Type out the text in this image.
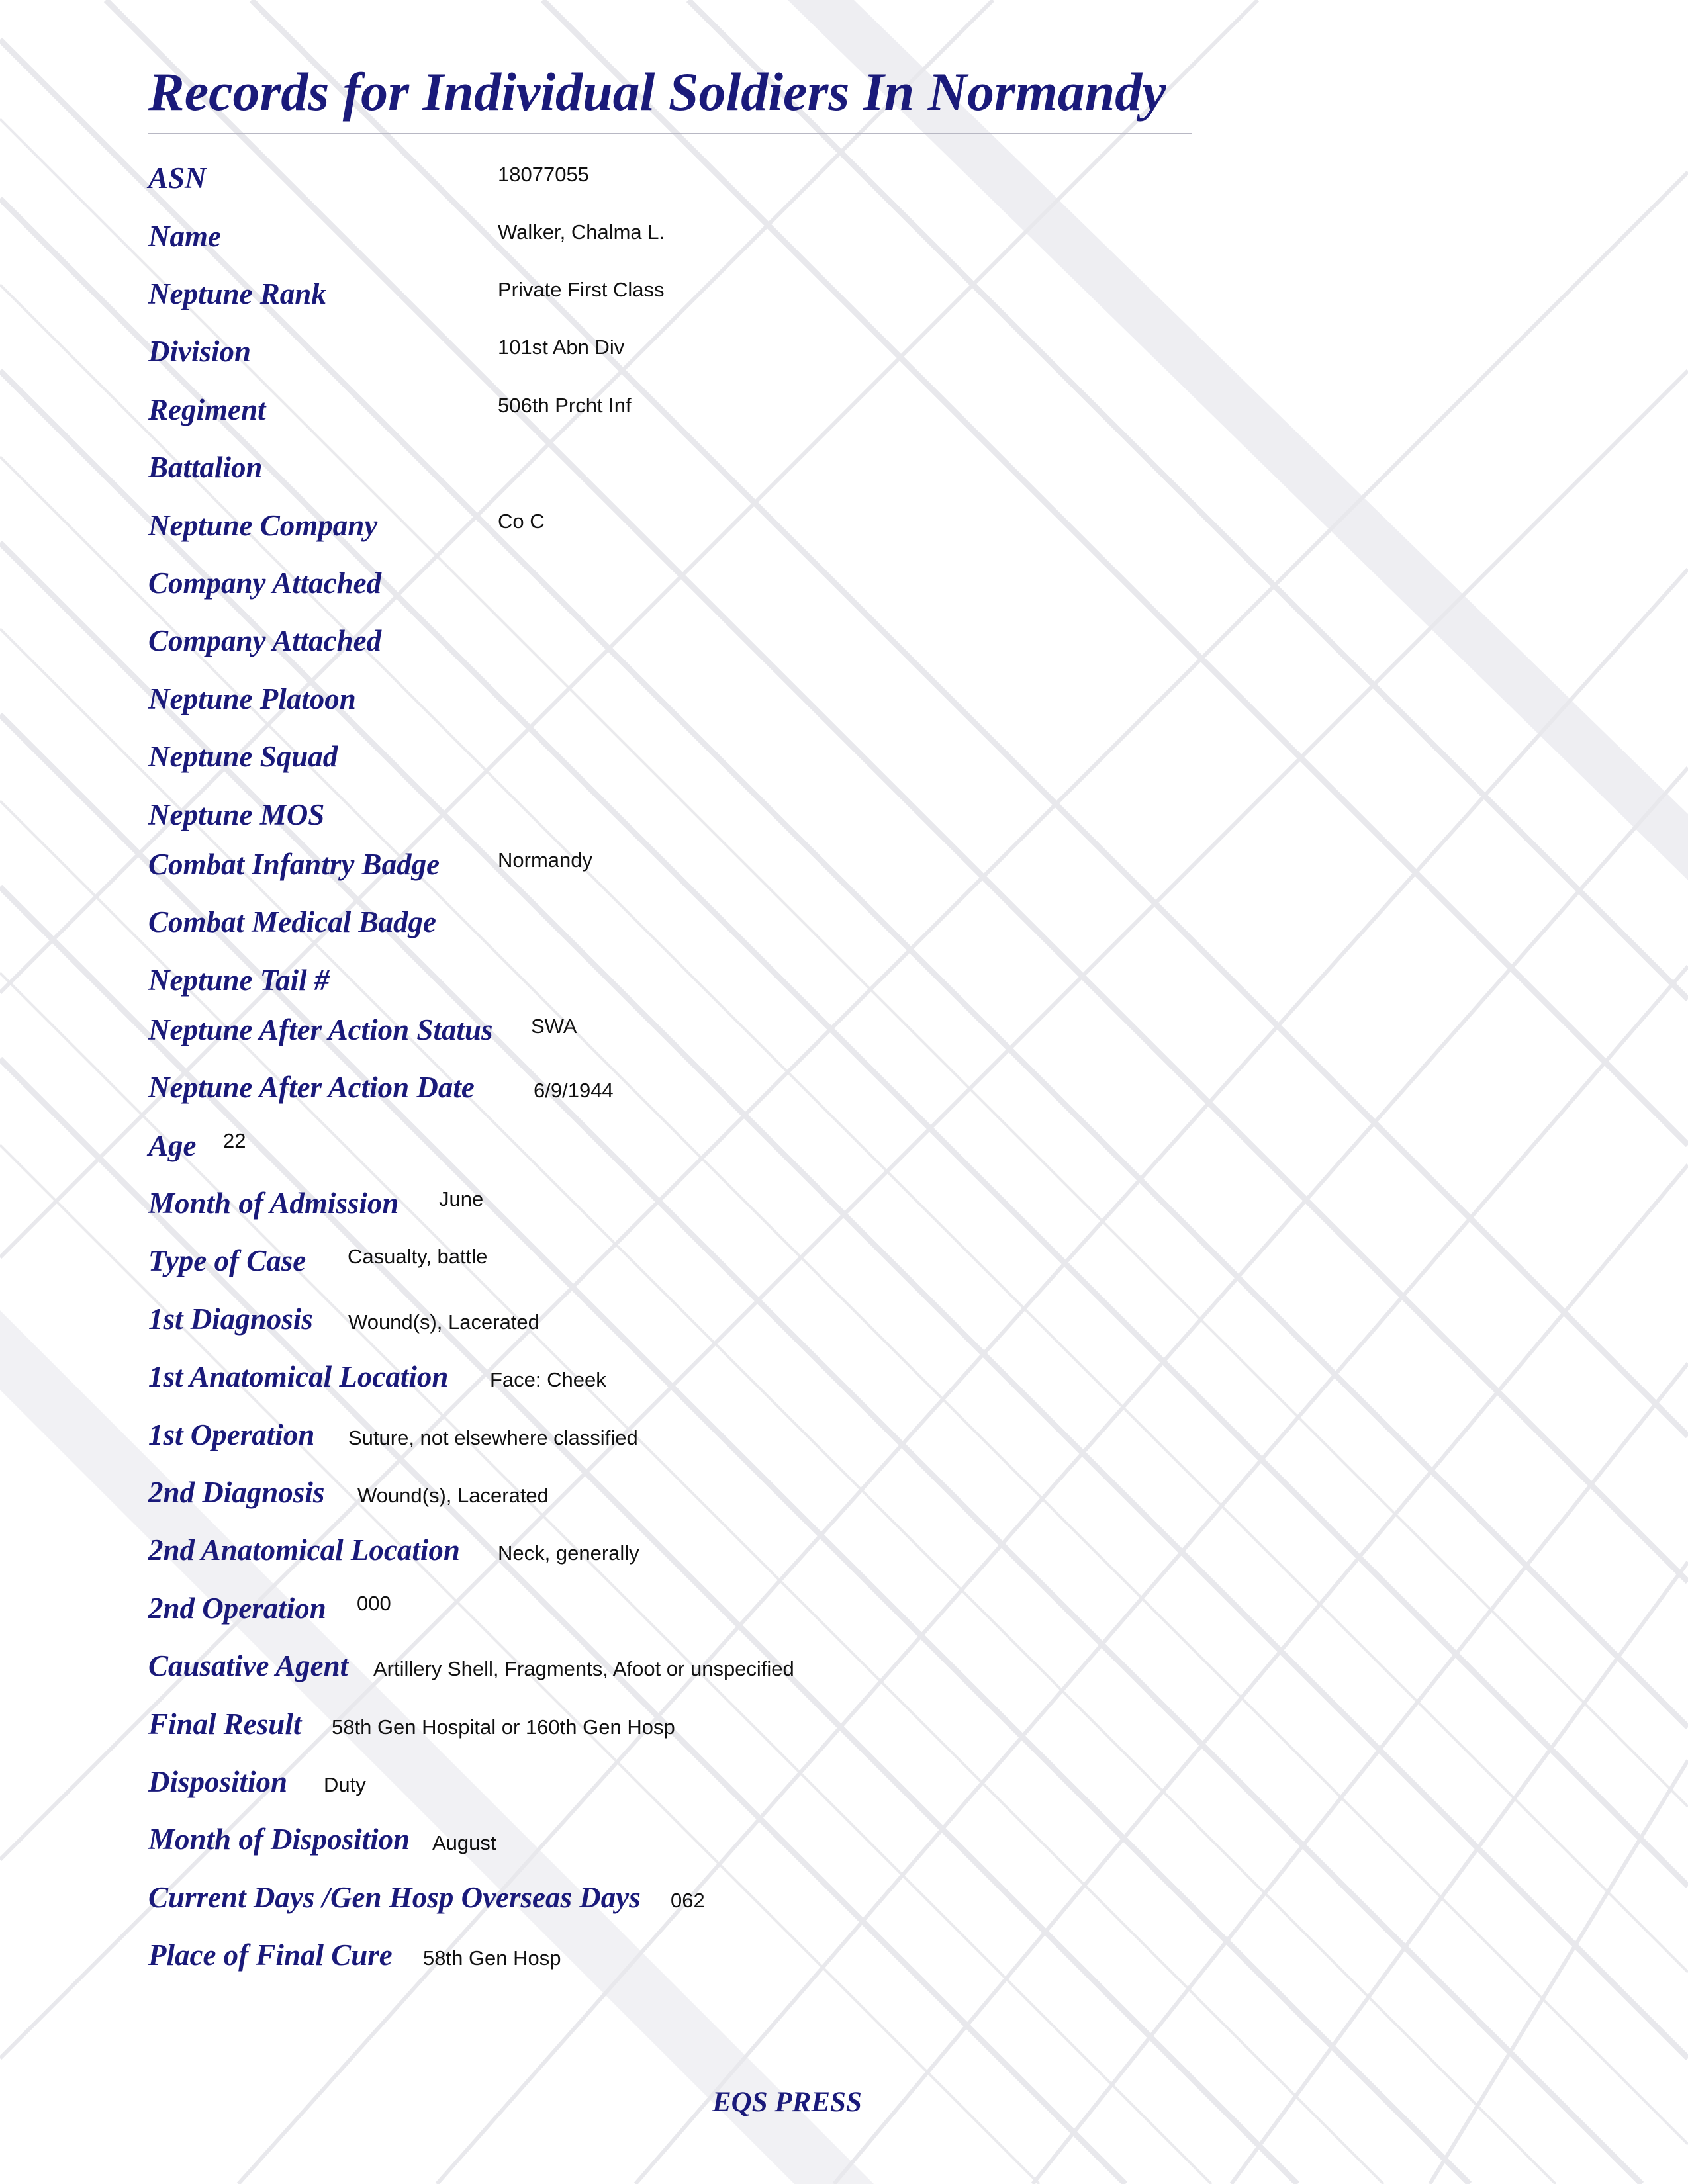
Records for Individual Soldiers In Normandy
ASN	18077055
Name	Walker, Chalma L.
Neptune Rank	Private First Class
Division	101st Abn Div
Regiment	506th Prcht Inf
Battalion
Neptune Company	Co C
Company Attached
Company Attached
Neptune Platoon
Neptune Squad
Neptune MOS
Combat Infantry Badge	Normandy
Combat Medical Badge
Neptune Tail #
Neptune After Action Status SWA
Neptune After Action Date	6/9/1944
Age 22
Month of Admission June
Type of Case Casualty, battle
1st Diagnosis Wound(s), Lacerated
1st Anatomical Location Face: Cheek
1st Operation Suture, not elsewhere classified
2nd Diagnosis Wound(s), Lacerated
2nd Anatomical Location Neck, generally
2nd Operation 000
Causative Agent Artillery Shell, Fragments, Afoot or unspecified
Final Result 58th Gen Hospital or 160th Gen Hosp
Disposition Duty
Month of Disposition August
Current Days /Gen Hosp Overseas Days 062
Place of Final Cure 58th Gen Hosp
EQS PRESS
